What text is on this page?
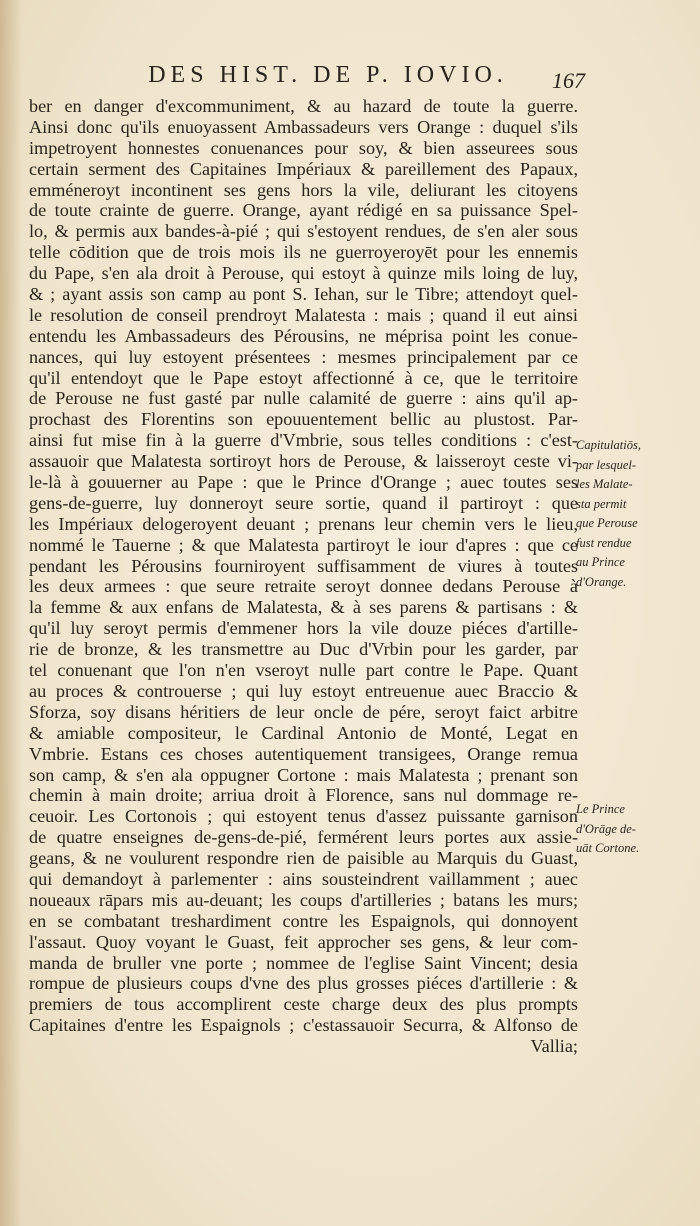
DES HIST. DE P. IOVIO.	167
ber en danger d'excommuniment, & au hazard de toute la guerre.
Ainsi donc qu'ils enuoyassent Ambassadeurs vers Orange : duquel s'ils
impetroyent honnestes conuenances pour soy, & bien asseurees sous
certain serment des Capitaines Impériaux & pareillement des Papaux,
emméneroyt incontinent ses gens hors la vile, deliurant les citoyens
de toute crainte de guerre. Orange, ayant rédigé en sa puissance Spel-
lo, & permis aux bandes-à-pié ; qui s'estoyent rendues, de s'en aler sous
telle cōdition que de trois mois ils ne guerroyeroyēt pour les ennemis
du Pape, s'en ala droit à Perouse, qui estoyt à quinze mils loing de luy,
& ; ayant assis son camp au pont S. Iehan, sur le Tibre; attendoyt quel-
le resolution de conseil prendroyt Malatesta : mais ; quand il eut ainsi
entendu les Ambassadeurs des Pérousins, ne méprisa point les conue-
nances, qui luy estoyent présentees : mesmes principalement par ce
qu'il entendoyt que le Pape estoyt affectionné à ce, que le territoire
de Perouse ne fust gasté par nulle calamité de guerre : ains qu'il ap-
prochast des Florentins son epouuentement bellic au plustost. Par-
ainsi fut mise fin à la guerre d'Vmbrie, sous telles conditions : c'est-
assauoir que Malatesta sortiroyt hors de Perouse, & laisseroyt ceste vi-
le-là à gouuerner au Pape : que le Prince d'Orange ; auec toutes ses
gens-de-guerre, luy donneroyt seure sortie, quand il partiroyt : que
les Impériaux delogeroyent deuant ; prenans leur chemin vers le lieu,
nommé le Tauerne ; & que Malatesta partiroyt le iour d'apres : que ce
pendant les Pérousins fourniroyent suffisamment de viures à toutes
les deux armees : que seure retraite seroyt donnee dedans Perouse à
la femme & aux enfans de Malatesta, & à ses parens & partisans : &
qu'il luy seroyt permis d'emmener hors la vile douze piéces d'artille-
rie de bronze, & les transmettre au Duc d'Vrbin pour les garder, par
tel conuenant que l'on n'en vseroyt nulle part contre le Pape. Quant
au proces & controuerse ; qui luy estoyt entreuenue auec Braccio &
Sforza, soy disans héritiers de leur oncle de pére, seroyt faict arbitre
& amiable compositeur, le Cardinal Antonio de Monté, Legat en
Vmbrie. Estans ces choses autentiquement transigees, Orange remua
son camp, & s'en ala oppugner Cortone : mais Malatesta ; prenant son
chemin à main droite; arriua droit à Florence, sans nul dommage re-
ceuoir. Les Cortonois ; qui estoyent tenus d'assez puissante garnison
de quatre enseignes de-gens-de-pié, fermérent leurs portes aux assie-
geans, & ne voulurent respondre rien de paisible au Marquis du Guast,
qui demandoyt à parlementer : ains sousteindrent vaillamment ; auec
noueaux rāpars mis au-deuant; les coups d'artilleries ; batans les murs;
en se combatant treshardiment contre les Espaignols, qui donnoyent
l'assaut. Quoy voyant le Guast, feit approcher ses gens, & leur com-
manda de bruller vne porte ; nommee de l'eglise Saint Vincent; desia
rompue de plusieurs coups d'vne des plus grosses piéces d'artillerie : &
premiers de tous accomplirent ceste charge deux des plus prompts
Capitaines d'entre les Espaignols ; c'estassauoir Securra, & Alfonso de
Vallia;
Capitulatiōs,
par lesquel-
les Malate-
sta permit
que Perouse
fust rendue
au Prince
d'Orange.
Le Prince
d'Orāge de-
uāt Cortone.
